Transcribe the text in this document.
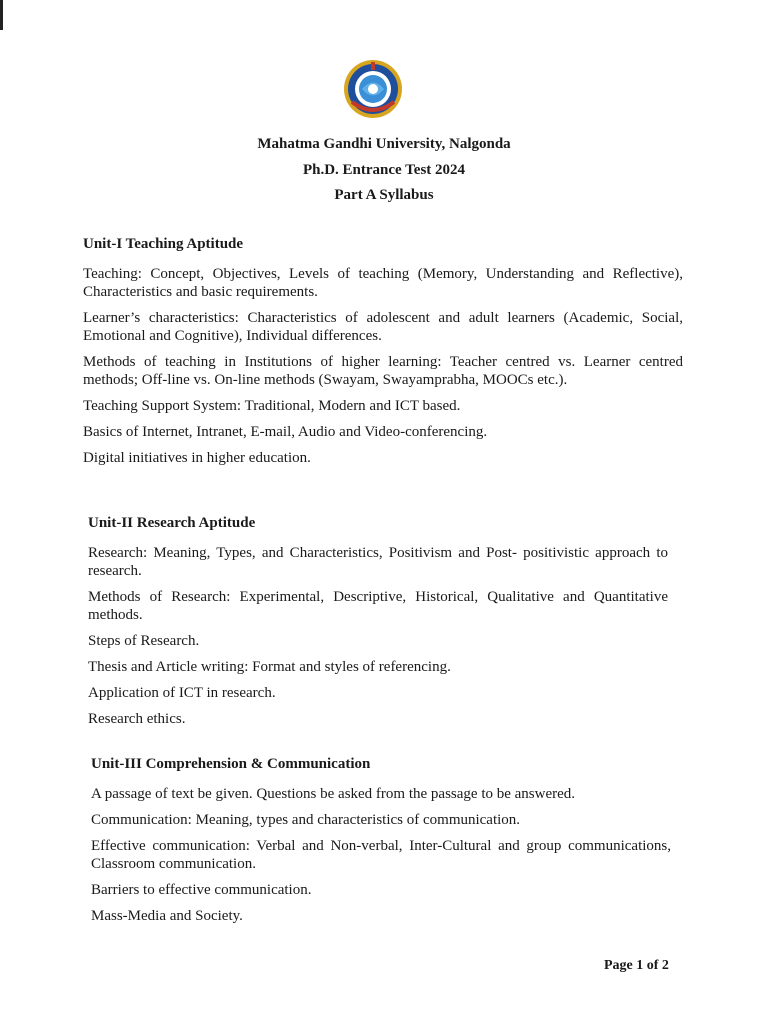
Mahatma Gandhi University, Nalgonda
Ph.D. Entrance Test 2024
Part A Syllabus
Unit-I Teaching Aptitude
Teaching: Concept, Objectives, Levels of teaching (Memory, Understanding and Reflective), Characteristics and basic requirements.
Learner’s characteristics: Characteristics of adolescent and adult learners (Academic, Social, Emotional and Cognitive), Individual differences.
Methods of teaching in Institutions of higher learning: Teacher centred vs. Learner centred methods; Off-line vs. On-line methods (Swayam, Swayamprabha, MOOCs etc.).
Teaching Support System: Traditional, Modern and ICT based.
Basics of Internet, Intranet, E-mail, Audio and Video-conferencing.
Digital initiatives in higher education.
Unit-II Research Aptitude
Research: Meaning, Types, and Characteristics, Positivism and Post- positivistic approach to research.
Methods of Research: Experimental, Descriptive, Historical, Qualitative and Quantitative methods.
Steps of Research.
Thesis and Article writing: Format and styles of referencing.
Application of ICT in research.
Research ethics.
Unit-III Comprehension & Communication
A passage of text be given. Questions be asked from the passage to be answered.
Communication: Meaning, types and characteristics of communication.
Effective communication: Verbal and Non-verbal, Inter-Cultural and group communications, Classroom communication.
Barriers to effective communication.
Mass-Media and Society.
Page 1 of 2
